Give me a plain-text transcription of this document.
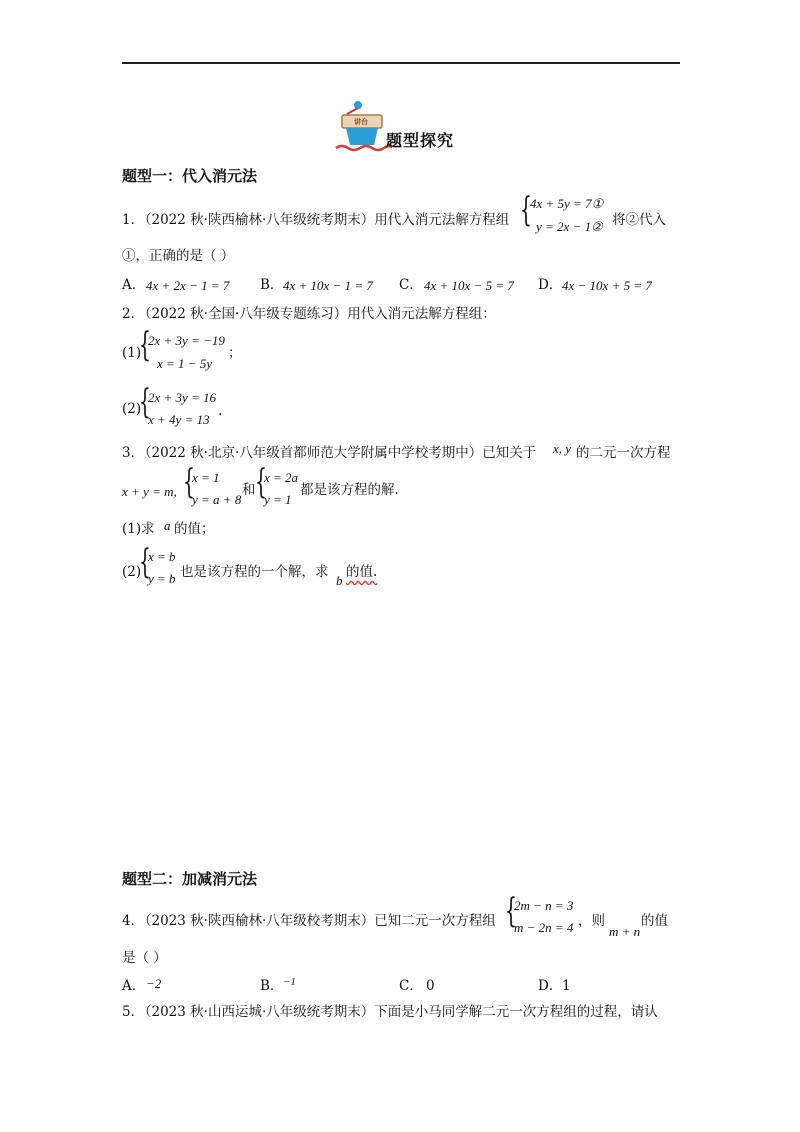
讲台
题型探究
题型一：代入消元法
1．
（2022 秋·陕西榆林·八年级统考期末）用代入消元法解方程组 {
4x + 5y = 7①
y = 2x − 1② 将②代入
①，正确的是（ ）
A． 4x + 2x − 1 = 7 B． 4x + 10x − 1 = 7 C． 4x + 10x − 5 = 7 D． 4x − 10x + 5 = 7
2．
（2022 秋·全国·八年级专题练习）用代入消元法解方程组：
(1)
{
2x + 3y = −19
x = 1 − 5y
；
(2)
{
2x + 3y = 16
x + 4y = 13
.
3．
（2022 秋·北京·八年级首都师范大学附属中学校考期中）已知关于 x, y 的二元一次方程
x + y = m, {
x = 1
y = a + 8
和 {
x = 2a
y = 1
都是该方程的解.
(1)求 a 的值；
(2)
{
x = b
y = b 也是该方程的一个解，求
b
的值.
题型二：加减消元法
4．
（2023 秋·陕西榆林·八年级校考期末）已知二元一次方程组 {
2m − n = 3
m − 2n = 4 ，则
m + n
的值
是（ ）
A． −2	B． −1	C． 0	D． 1
5．
（2023 秋·山西运城·八年级统考期末）下面是小马同学解二元一次方程组的过程，请认
